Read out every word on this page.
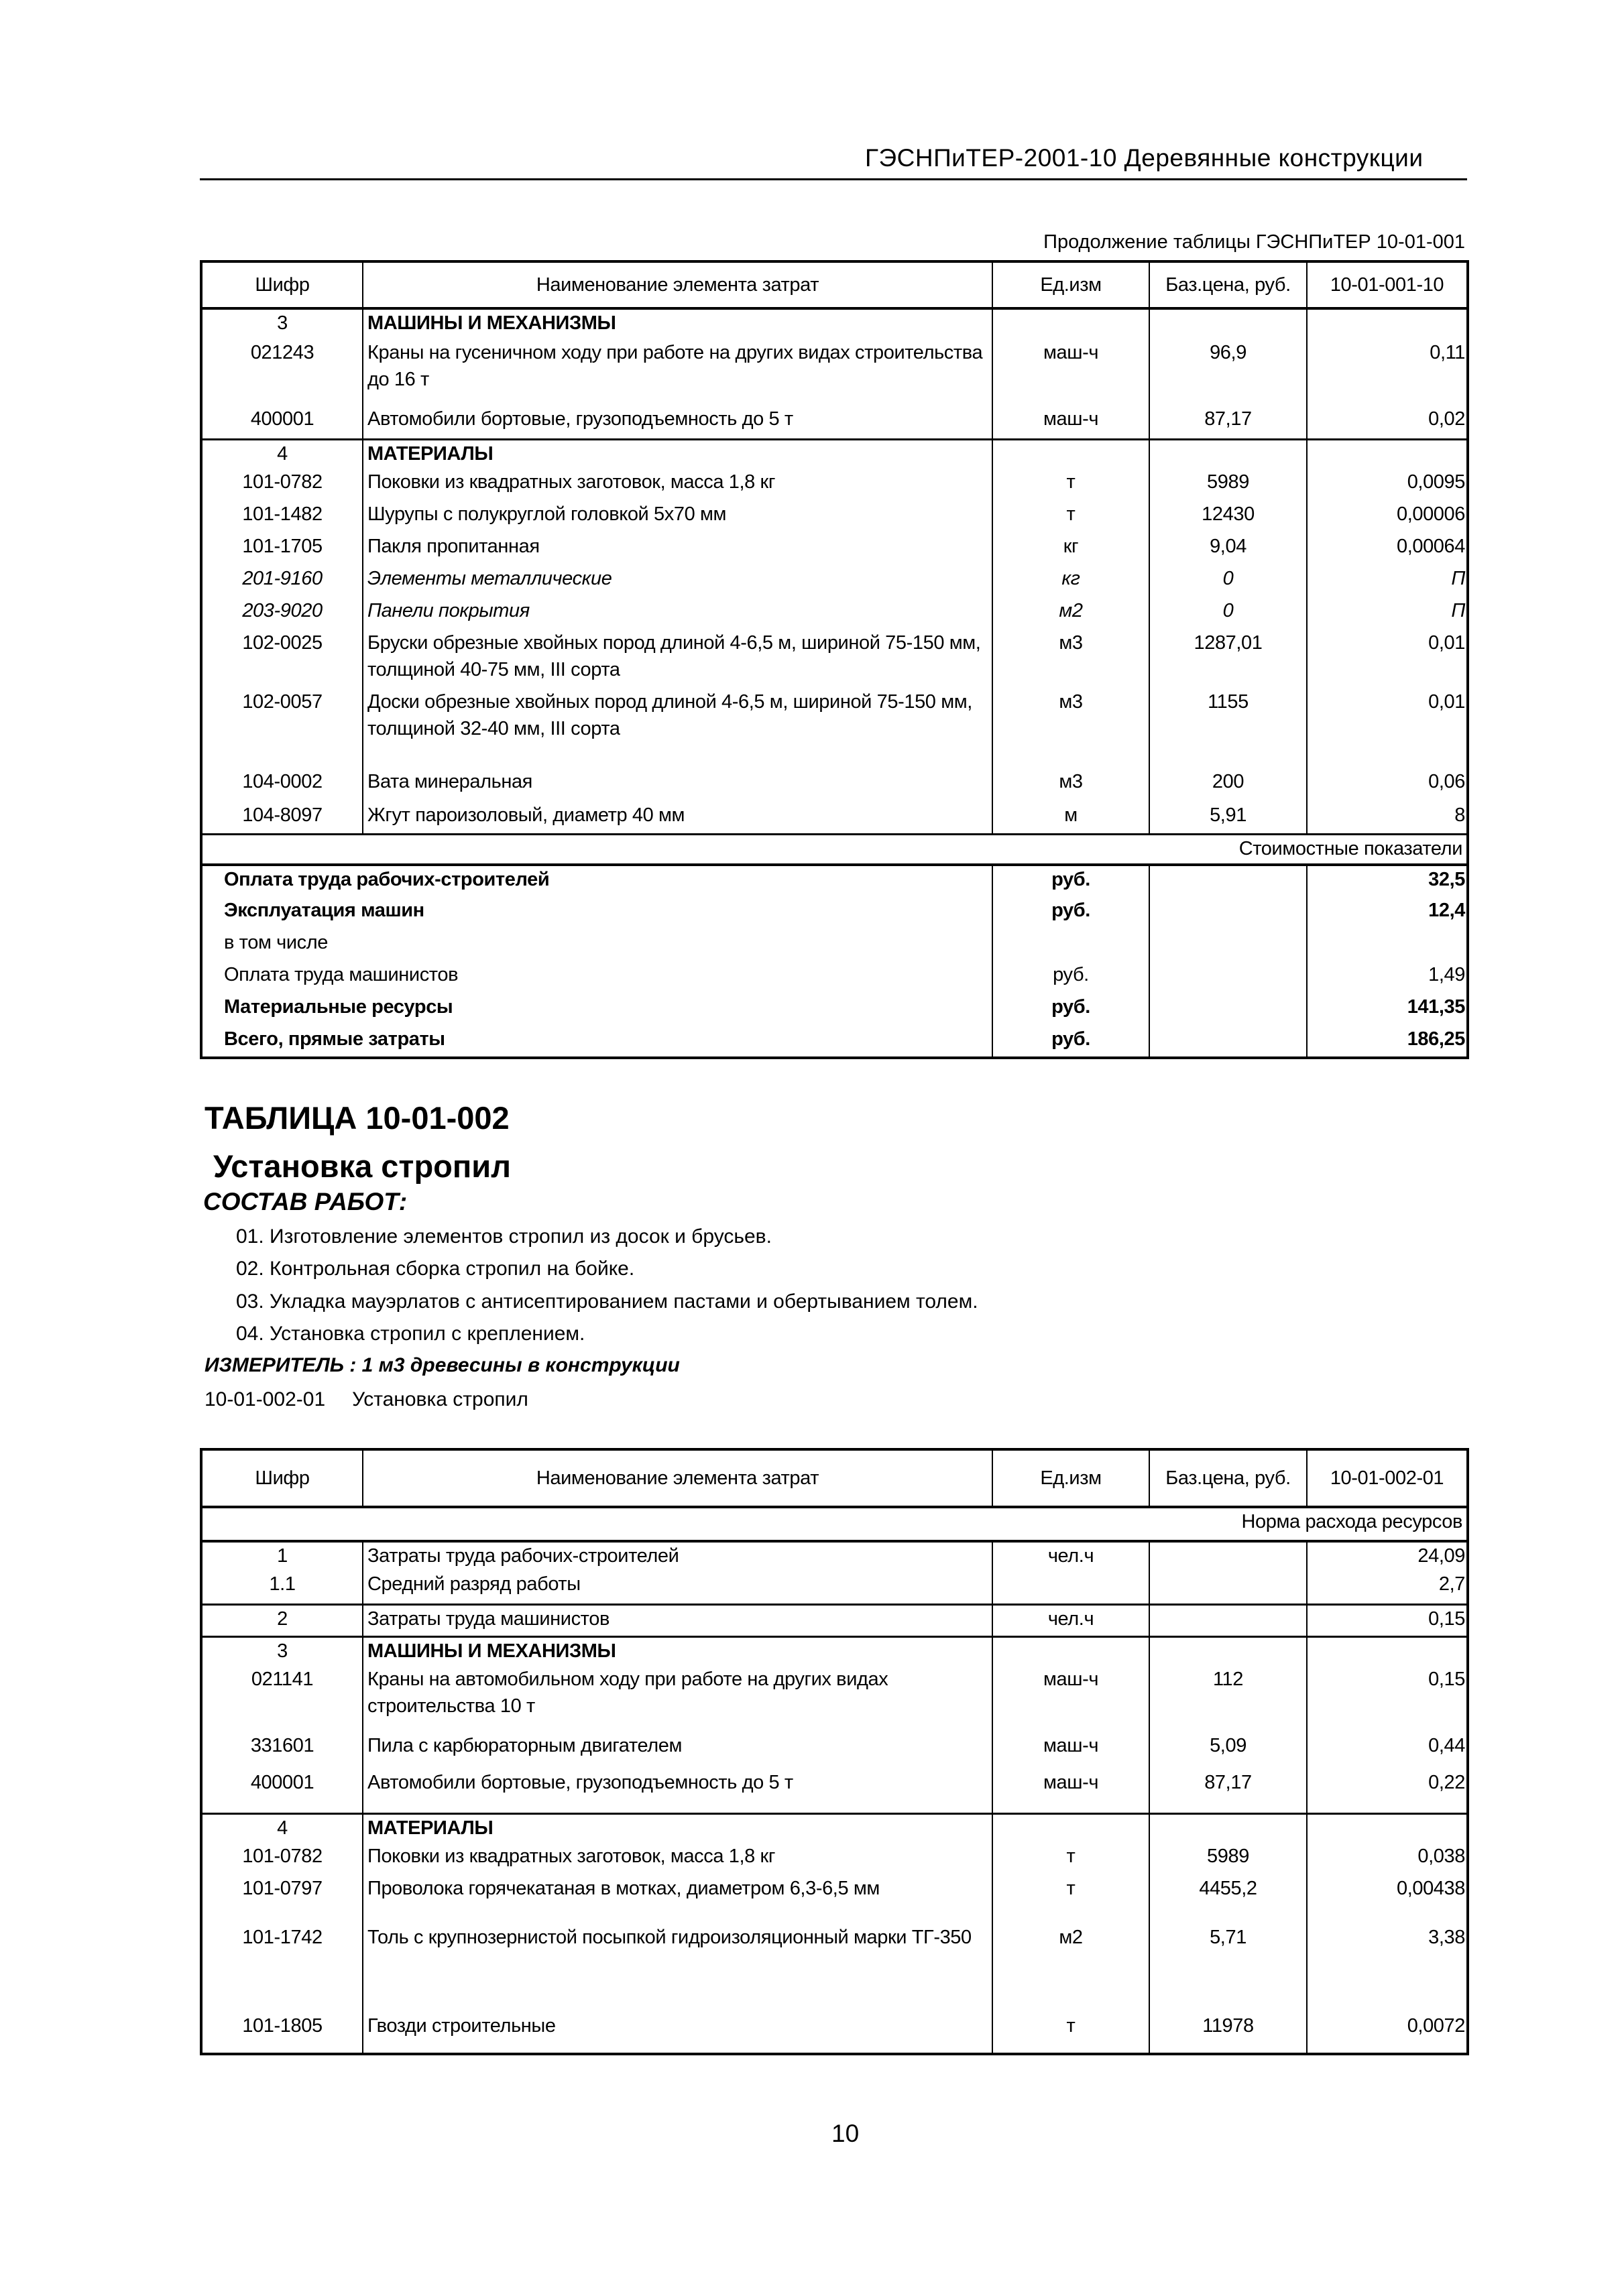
ГЭСНПиТЕР-2001-10 Деревянные конструкции
Продолжение таблицы ГЭСНПиТЕР 10-01-001
Шифр	Наименование элемента затрат	Ед.изм	Баз.цена, руб.	10-01-001-10
3	МАШИНЫ И МЕХАНИЗМЫ			
021243	Краны на гусеничном ходу при работе на других видах строительства до 16 т	маш-ч	96,9	0,11
400001	Автомобили бортовые, грузоподъемность до 5 т	маш-ч	87,17	0,02
4	МАТЕРИАЛЫ			
101-0782	Поковки из квадратных заготовок, масса 1,8 кг	т	5989	0,0095
101-1482	Шурупы с полукруглой головкой 5х70 мм	т	12430	0,00006
101-1705	Пакля пропитанная	кг	9,04	0,00064
201-9160	Элементы металлические	кг	0	П
203-9020	Панели покрытия	м2	0	П
102-0025	Бруски обрезные хвойных пород длиной 4-6,5 м, шириной 75-150 мм, толщиной 40-75 мм, III сорта	м3	1287,01	0,01
102-0057	Доски обрезные хвойных пород длиной 4-6,5 м, шириной 75-150 мм, толщиной 32-40 мм, III сорта	м3	1155	0,01
104-0002	Вата минеральная	м3	200	0,06
104-8097	Жгут пароизоловый, диаметр 40 мм	м	5,91	8
Стоимостные показатели				
Оплата труда рабочих-строителей		руб.		32,5
Эксплуатация машин		руб.		12,4
в том числе				
Оплата труда машинистов		руб.		1,49
Материальные ресурсы		руб.		141,35
Всего, прямые затраты		руб.		186,25
ТАБЛИЦА 10-01-002
Установка стропил
СОСТАВ РАБОТ:
01. Изготовление элементов стропил из досок и брусьев.
02. Контрольная сборка стропил на бойке.
03. Укладка мауэрлатов с антисептированием пастами и обертыванием толем.
04. Установка стропил с креплением.
ИЗМЕРИТЕЛЬ : 1 м3 древесины в конструкции
10-01-002-01 Установка стропил
Шифр	Наименование элемента затрат	Ед.изм	Баз.цена, руб.	10-01-002-01
Норма расхода ресурсов				
1	Затраты труда рабочих-строителей	чел.ч		24,09
1.1	Средний разряд работы			2,7
2	Затраты труда машинистов	чел.ч		0,15
3	МАШИНЫ И МЕХАНИЗМЫ			
021141	Краны на автомобильном ходу при работе на других видах строительства 10 т	маш-ч	112	0,15
331601	Пила с карбюраторным двигателем	маш-ч	5,09	0,44
400001	Автомобили бортовые, грузоподъемность до 5 т	маш-ч	87,17	0,22
4	МАТЕРИАЛЫ			
101-0782	Поковки из квадратных заготовок, масса 1,8 кг	т	5989	0,038
101-0797	Проволока горячекатаная в мотках, диаметром 6,3-6,5 мм	т	4455,2	0,00438
101-1742	Толь с крупнозернистой посыпкой гидроизоляционный марки ТГ-350	м2	5,71	3,38
101-1805	Гвозди строительные	т	11978	0,0072
10
